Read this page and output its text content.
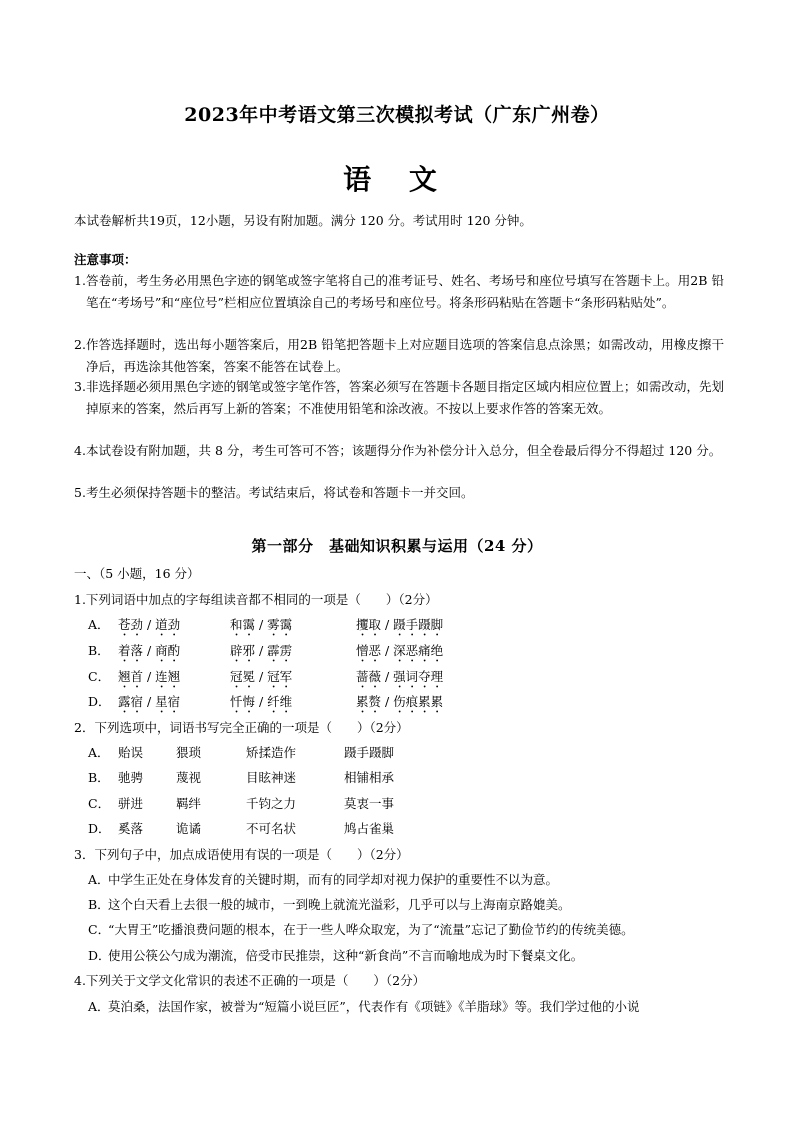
2023年中考语文第三次模拟考试（广东广州卷）
语 文
本试卷解析共19页，12小题，另设有附加题。满分 120 分。考试用时 120 分钟。
注意事项：
1. 答卷前，考生务必用黑色字迹的钢笔或签字笔将自己的准考证号、姓名、考场号和座位号填写在答题卡上。用2B 铅笔在“考场号”和“座位号”栏相应位置填涂自己的考场号和座位号。将条形码粘贴在答题卡“条形码粘贴处”。
2. 作答选择题时，选出每小题答案后，用2B 铅笔把答题卡上对应题目选项的答案信息点涂黑；如需改动，用橡皮擦干净后，再选涂其他答案，答案不能答在试卷上。
3. 非选择题必须用黑色字迹的钢笔或签字笔作答，答案必须写在答题卡各题目指定区域内相应位置上；如需改动，先划掉原来的答案，然后再写上新的答案；不准使用铅笔和涂改液。不按以上要求作答的答案无效。
4. 本试卷设有附加题，共 8 分，考生可答可不答；该题得分作为补偿分计入总分，但全卷最后得分不得超过 120 分。
5. 考生必须保持答题卡的整洁。考试结束后，将试卷和答题卡一并交回。
第一部分　基础知识积累与运用（24 分）
一、（5 小题，16 分）
1.下列词语中加点的字每组读音都不相同的一项是（　　）（2分）
A． 苍劲 / 道劲	和霭 / 雾霭	攫取 / 蹑手蹑脚
B． 着落 / 商酌	辟邪 / 霹雳	憎恶 / 深恶痛绝
C． 翘首 / 连翘	冠冕 / 冠军	蔷薇 / 强词夺理
D． 露宿 / 星宿	忏悔 / 纤维	累赘 / 伤痕累累
2．下列选项中，词语书写完全正确的一项是（　　）（2分）
A． 贻误	猥琐	矫揉造作	蹑手蹑脚
B． 驰骋	蔑视	目眩神迷	相铺相承
C． 骈进	羁绊	千钧之力	莫衷一事
D． 奚落	诡谲	不可名状	鸠占雀巢
3．下列句子中，加点成语使用有误的一项是（　　）（2分）
A．
中学生正处在身体发育的关键时期，而有的同学却对视力保护的重要性不以为意。
B．
这个白天看上去很一般的城市，一到晚上就流光溢彩，几乎可以与上海南京路媲美。
C．
“大胃王”吃播浪费问题的根本，在于一些人哗众取宠，为了“流量”忘记了勤俭节约的传统美德。
D．
使用公筷公勺成为潮流，倍受市民推崇，这种“新食尚”不言而喻地成为时下餐桌文化。
4.下列关于文学文化常识的表述不正确的一项是（　　）（2分）
A．
莫泊桑，法国作家，被誉为“短篇小说巨匠”，代表作有《项链》《羊脂球》等。我们学过他的小说
